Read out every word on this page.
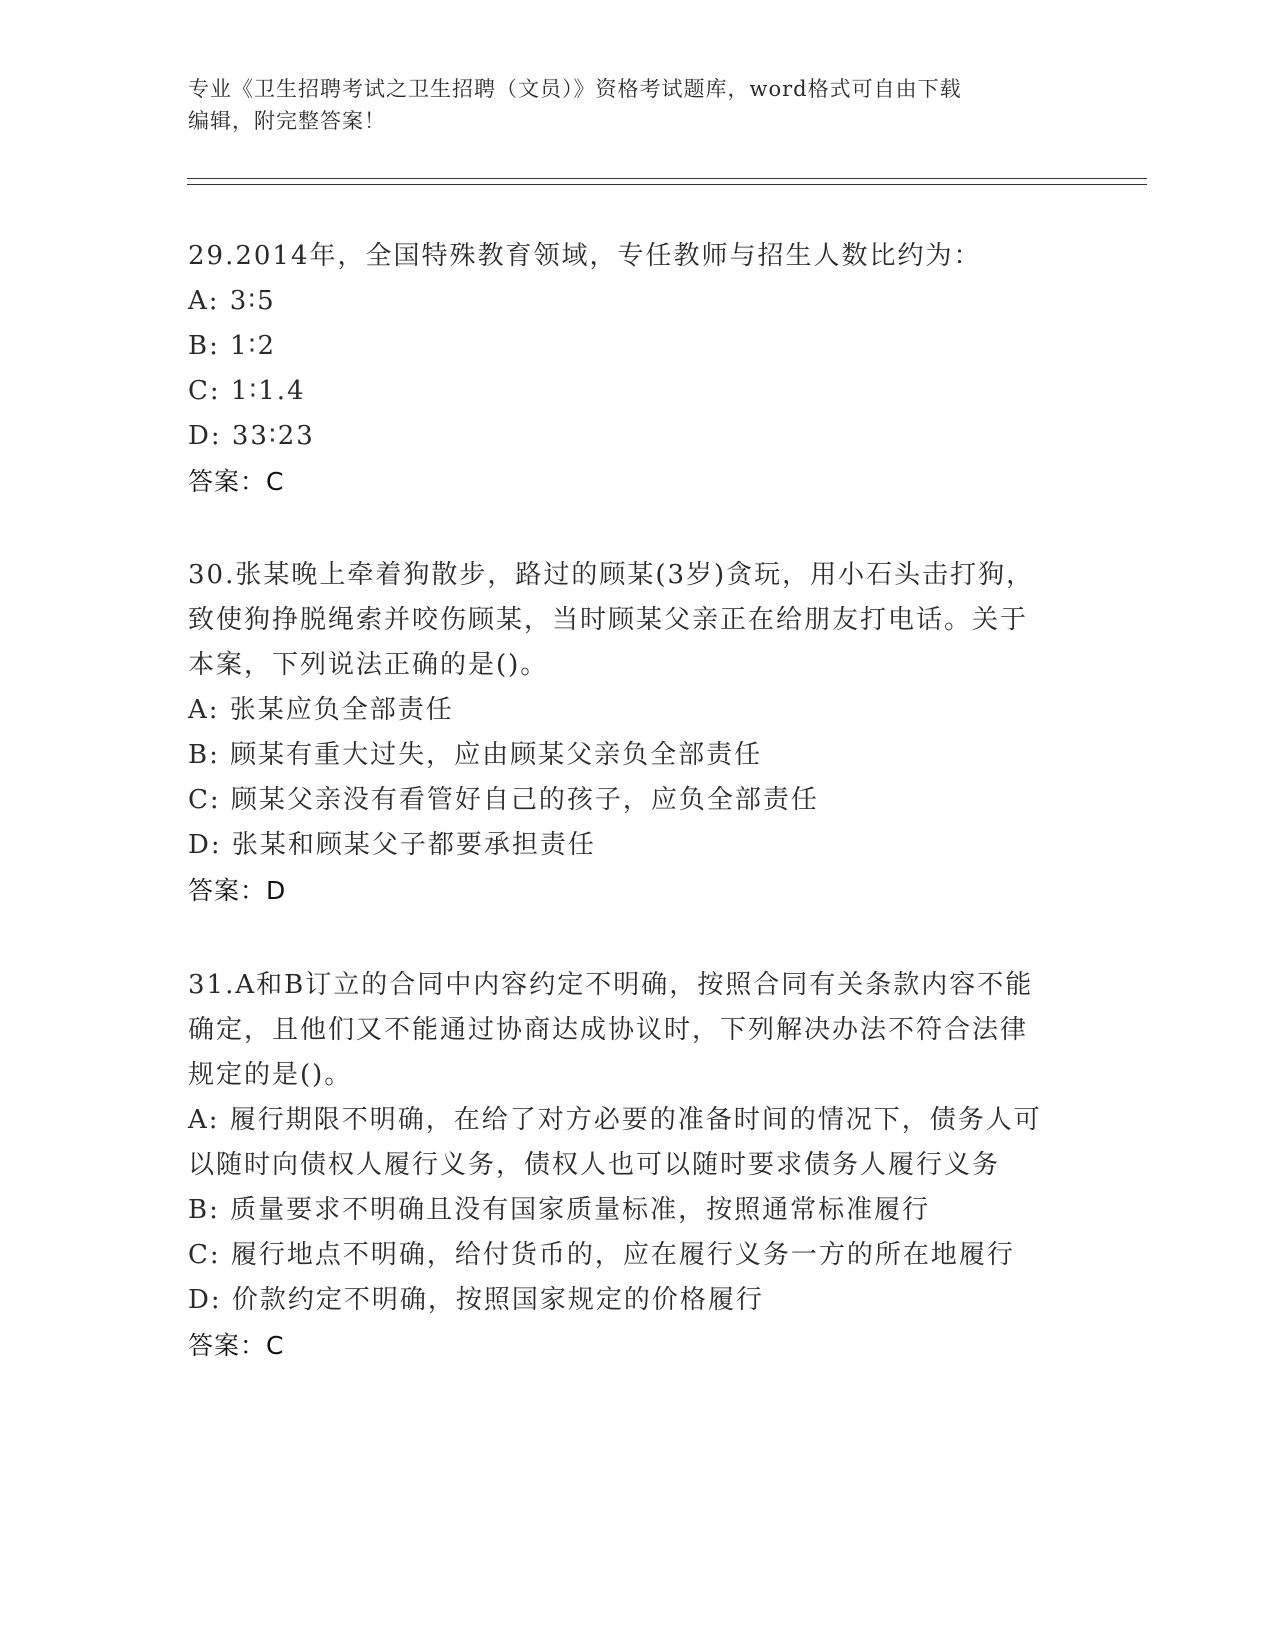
专业《卫生招聘考试之卫生招聘（文员）》资格考试题库，word格式可自由下载
编辑，附完整答案！
29.2014年，全国特殊教育领域，专任教师与招生人数比约为：
A: 3∶5
B: 1∶2
C: 1∶1.4
D: 33∶23
答案：C
30.张某晚上牵着狗散步，路过的顾某(3岁)贪玩，用小石头击打狗，
致使狗挣脱绳索并咬伤顾某，当时顾某父亲正在给朋友打电话。关于
本案，下列说法正确的是()。
A: 张某应负全部责任
B: 顾某有重大过失，应由顾某父亲负全部责任
C: 顾某父亲没有看管好自己的孩子，应负全部责任
D: 张某和顾某父子都要承担责任
答案：D
31.A和B订立的合同中内容约定不明确，按照合同有关条款内容不能
确定，且他们又不能通过协商达成协议时，下列解决办法不符合法律
规定的是()。
A: 履行期限不明确，在给了对方必要的准备时间的情况下，债务人可
以随时向债权人履行义务，债权人也可以随时要求债务人履行义务
B: 质量要求不明确且没有国家质量标准，按照通常标准履行
C: 履行地点不明确，给付货币的，应在履行义务一方的所在地履行
D: 价款约定不明确，按照国家规定的价格履行
答案：C
